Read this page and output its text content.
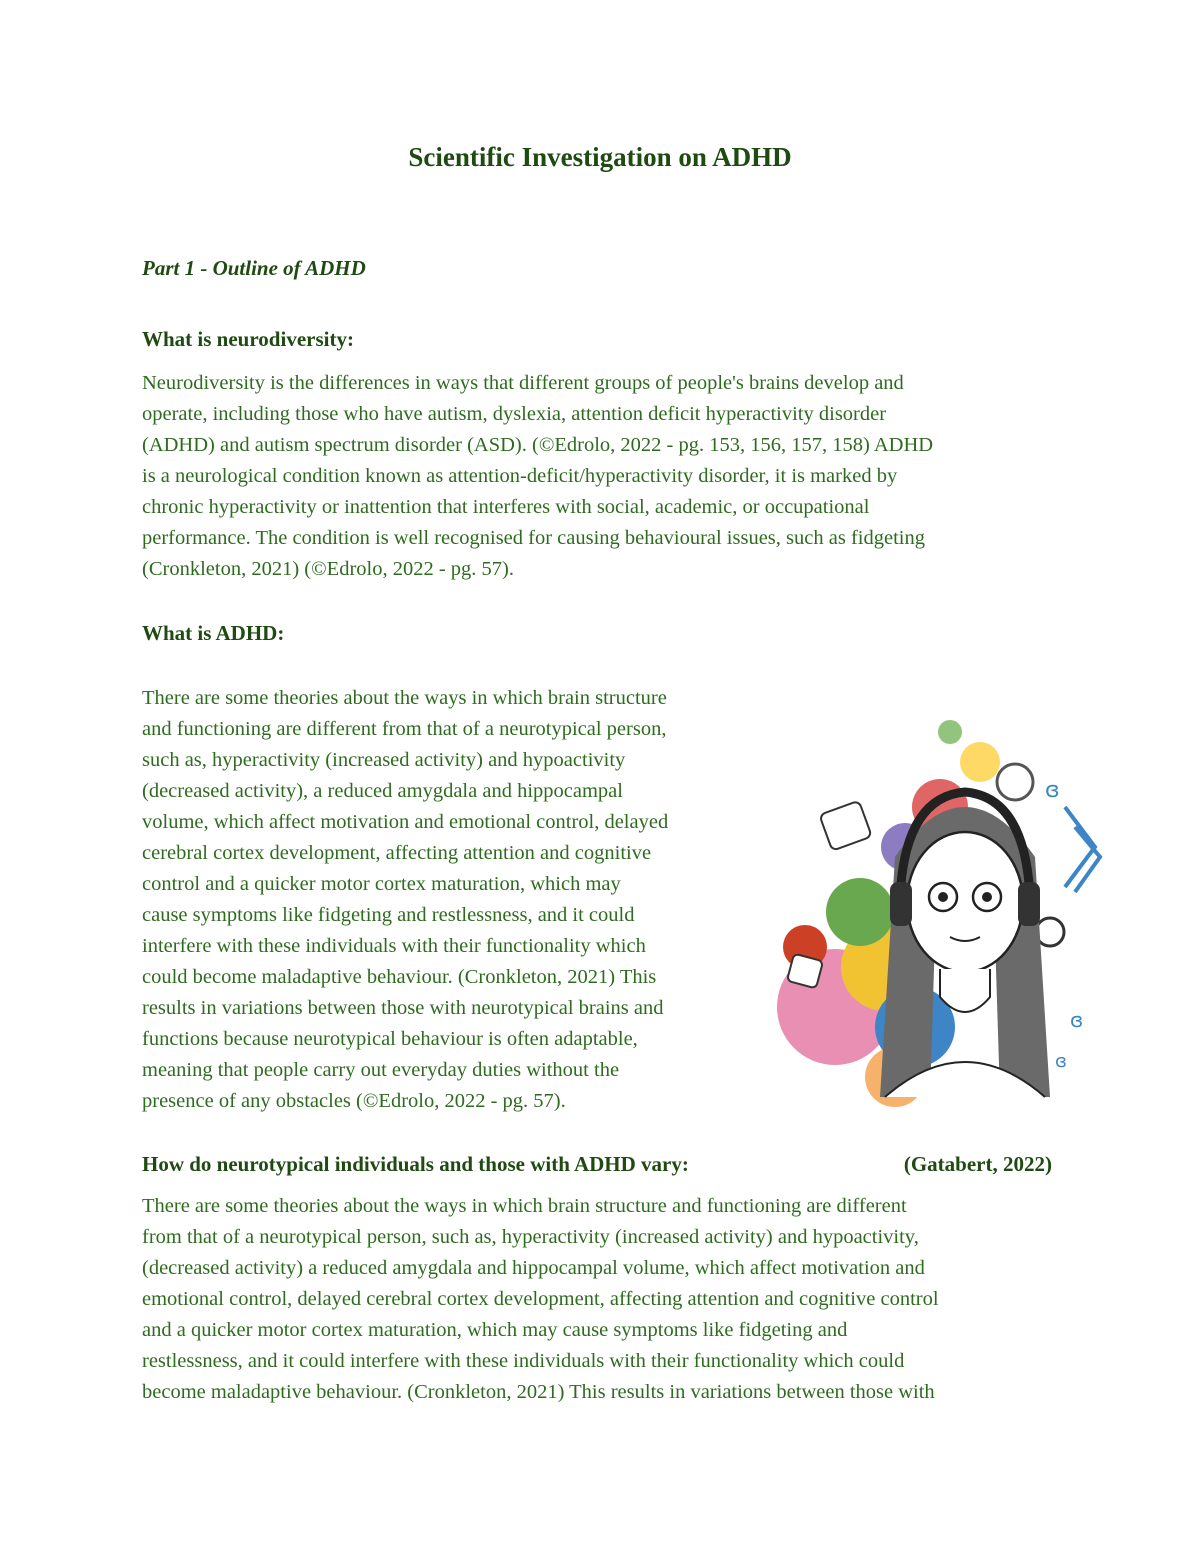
Scientific Investigation on ADHD
Part 1 - Outline of ADHD
What is neurodiversity:
Neurodiversity is the differences in ways that different groups of people's brains develop and
operate, including those who have autism, dyslexia, attention deficit hyperactivity disorder
(ADHD) and autism spectrum disorder (ASD). (©Edrolo, 2022 - pg. 153, 156, 157, 158) ADHD
is a neurological condition known as attention-deficit/hyperactivity disorder, it is marked by
chronic hyperactivity or inattention that interferes with social, academic, or occupational
performance. The condition is well recognised for causing behavioural issues, such as fidgeting
(Cronkleton, 2021) (©Edrolo, 2022 - pg. 57).
What is ADHD:
There are some theories about the ways in which brain structure
and functioning are different from that of a neurotypical person,
such as, hyperactivity (increased activity) and hypoactivity
(decreased activity), a reduced amygdala and hippocampal
volume, which affect motivation and emotional control, delayed
cerebral cortex development, affecting attention and cognitive
control and a quicker motor cortex maturation, which may
cause symptoms like fidgeting and restlessness, and it could
interfere with these individuals with their functionality which
could become maladaptive behaviour. (Cronkleton, 2021) This
results in variations between those with neurotypical brains and
functions because neurotypical behaviour is often adaptable,
meaning that people carry out everyday duties without the
presence of any obstacles (©Edrolo, 2022 - pg. 57).
ɞ
ɞ
ɞ
How do neurotypical individuals and those with ADHD vary:	(Gatabert, 2022)
There are some theories about the ways in which brain structure and functioning are different
from that of a neurotypical person, such as, hyperactivity (increased activity) and hypoactivity,
(decreased activity) a reduced amygdala and hippocampal volume, which affect motivation and
emotional control, delayed cerebral cortex development, affecting attention and cognitive control
and a quicker motor cortex maturation, which may cause symptoms like fidgeting and
restlessness, and it could interfere with these individuals with their functionality which could
become maladaptive behaviour. (Cronkleton, 2021) This results in variations between those with
